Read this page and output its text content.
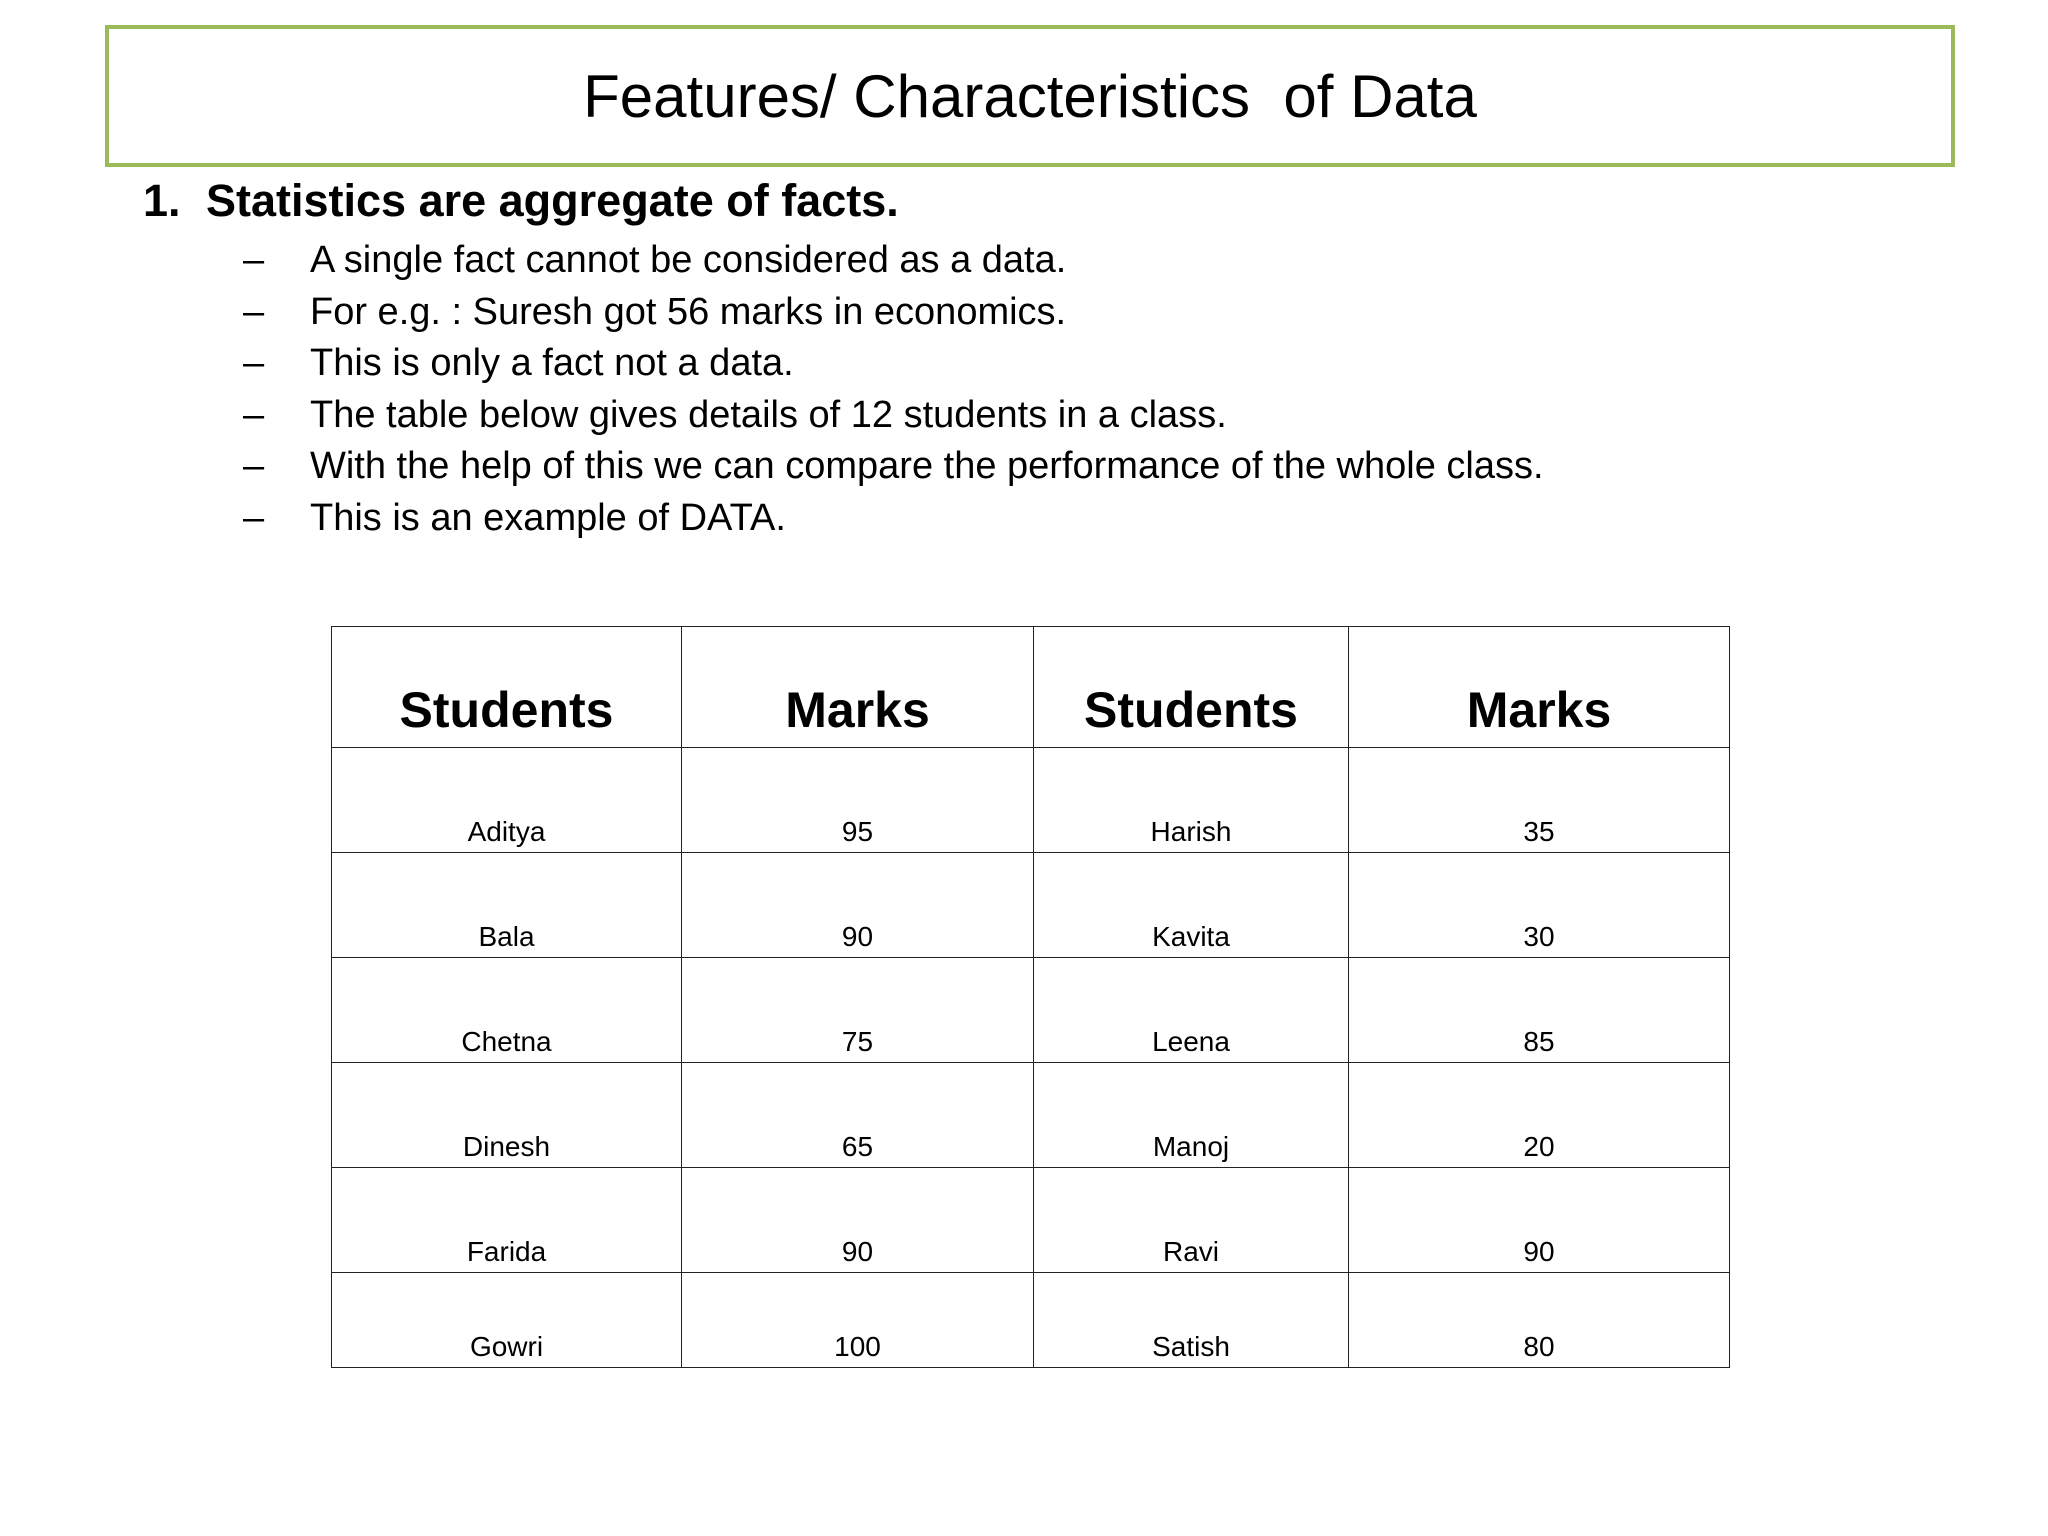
Features/ Characteristics  of Data
1. Statistics are aggregate of facts.
– A single fact cannot be considered as a data.
– For e.g. : Suresh got 56 marks in economics.
– This is only a fact not a data.
– The table below gives details of 12 students in a class.
– With the help of this we can compare the performance of the whole class.
– This is an example of DATA.
Students	Marks	Students	Marks
Aditya	95	Harish	35
Bala	90	Kavita	30
Chetna	75	Leena	85
Dinesh	65	Manoj	20
Farida	90	Ravi	90
Gowri	100	Satish	80
